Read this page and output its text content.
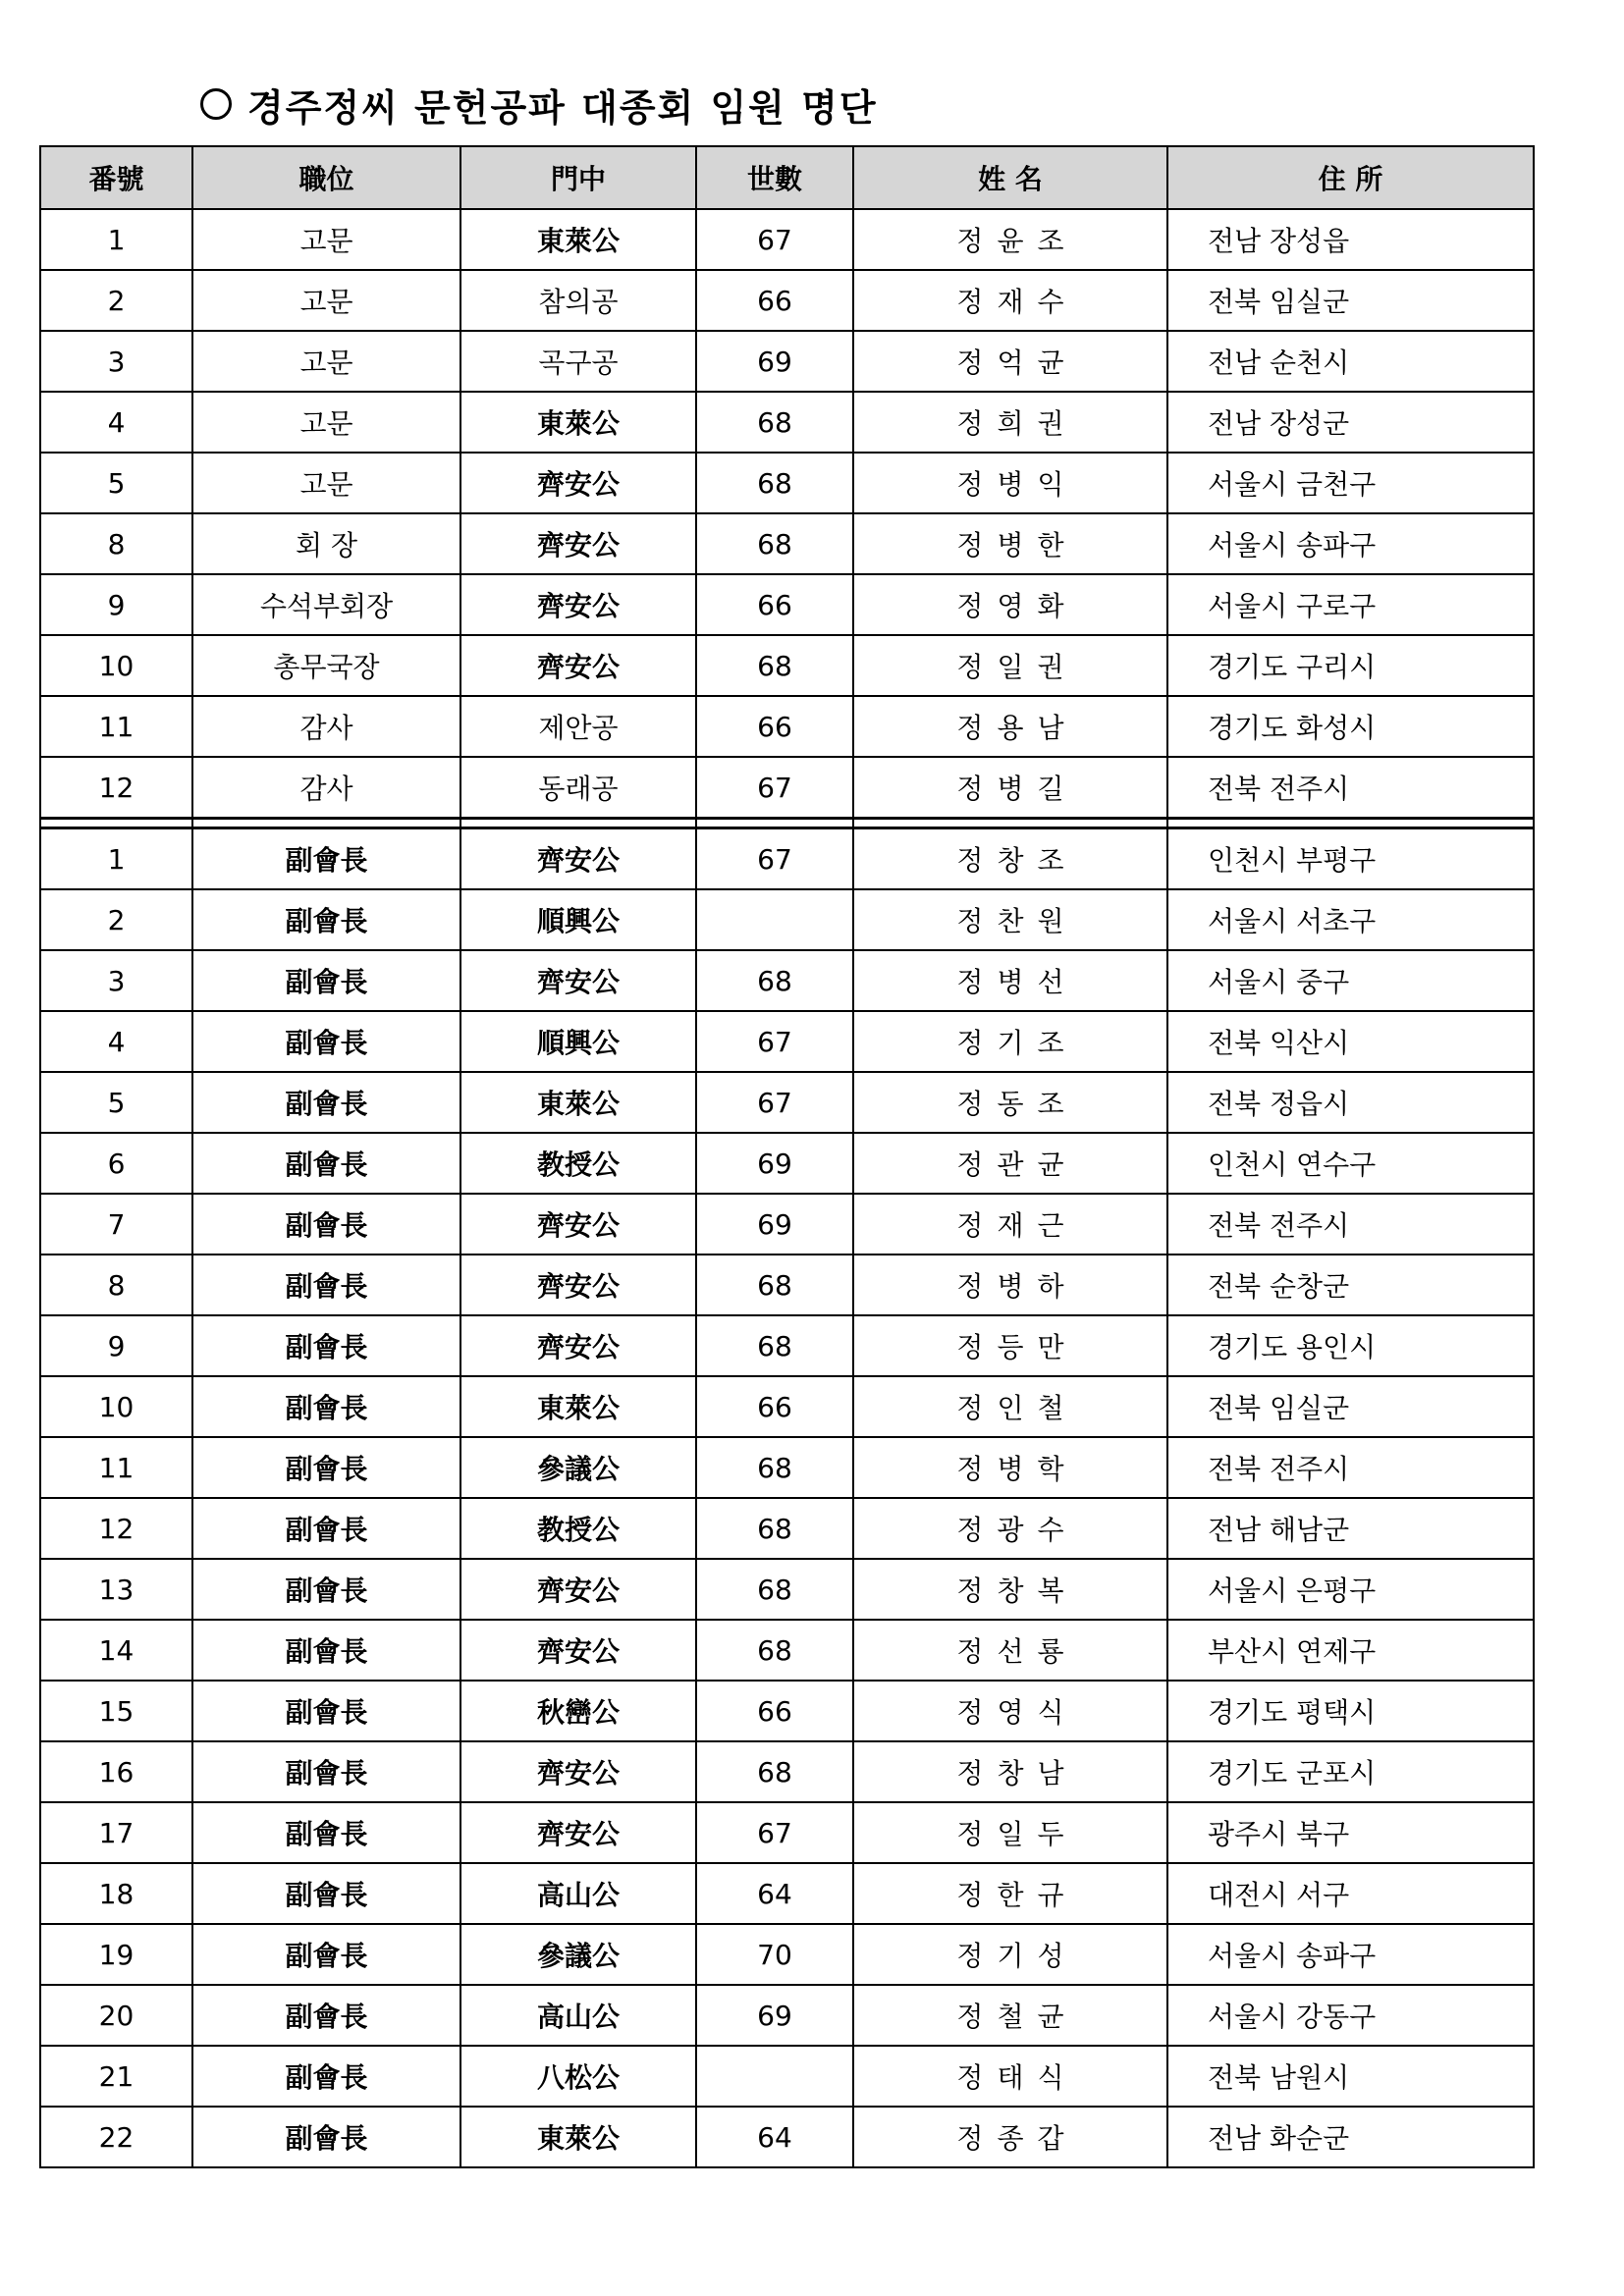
경주정씨 문헌공파 대종회 임원 명단
番號	職位	門中	世數	姓 名	住 所
1	고문	東萊公	67	정윤조	전남 장성읍
2	고문	참의공	66	정재수	전북 임실군
3	고문	곡구공	69	정억균	전남 순천시
4	고문	東萊公	68	정희권	전남 장성군
5	고문	齊安公	68	정병익	서울시 금천구
8	회 장	齊安公	68	정병한	서울시 송파구
9	수석부회장	齊安公	66	정영화	서울시 구로구
10	총무국장	齊安公	68	정일권	경기도 구리시
11	감사	제안공	66	정용남	경기도 화성시
12	감사	동래공	67	정병길	전북 전주시

1	副會長	齊安公	67	정창조	인천시 부평구
2	副會長	順興公		정찬원	서울시 서초구
3	副會長	齊安公	68	정병선	서울시 중구
4	副會長	順興公	67	정기조	전북 익산시
5	副會長	東萊公	67	정동조	전북 정읍시
6	副會長	教授公	69	정관균	인천시 연수구
7	副會長	齊安公	69	정재근	전북 전주시
8	副會長	齊安公	68	정병하	전북 순창군
9	副會長	齊安公	68	정등만	경기도 용인시
10	副會長	東萊公	66	정인철	전북 임실군
11	副會長	參議公	68	정병학	전북 전주시
12	副會長	教授公	68	정광수	전남 해남군
13	副會長	齊安公	68	정창복	서울시 은평구
14	副會長	齊安公	68	정선룡	부산시 연제구
15	副會長	秋巒公	66	정영식	경기도 평택시
16	副會長	齊安公	68	정창남	경기도 군포시
17	副會長	齊安公	67	정일두	광주시 북구
18	副會長	高山公	64	정한규	대전시 서구
19	副會長	參議公	70	정기성	서울시 송파구
20	副會長	高山公	69	정철균	서울시 강동구
21	副會長	八松公		정태식	전북 남원시
22	副會長	東萊公	64	정종갑	전남 화순군
